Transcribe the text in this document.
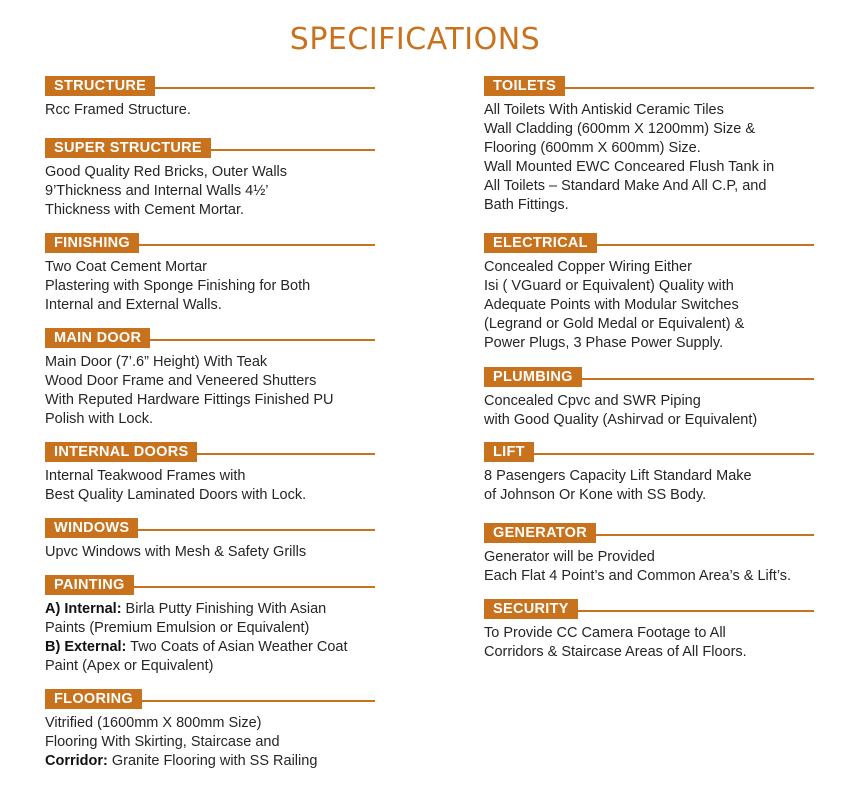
SPECIFICATIONS
STRUCTURE
Rcc Framed Structure.
SUPER STRUCTURE
Good Quality Red Bricks, Outer Walls
9’Thickness and Internal Walls 4½’
Thickness with Cement Mortar.
FINISHING
Two Coat Cement Mortar
Plastering with Sponge Finishing for Both
Internal and External Walls.
MAIN DOOR
Main Door (7’.6” Height) With Teak
Wood Door Frame and Veneered Shutters
With Reputed Hardware Fittings Finished PU
Polish with Lock.
INTERNAL DOORS
Internal Teakwood Frames with
Best Quality Laminated Doors with Lock.
WINDOWS
Upvc Windows with Mesh & Safety Grills
PAINTING
A) Internal: Birla Putty Finishing With Asian
Paints (Premium Emulsion or Equivalent)
B) External: Two Coats of Asian Weather Coat
Paint (Apex or Equivalent)
FLOORING
Vitrified (1600mm X 800mm Size)
Flooring With Skirting, Staircase and
Corridor: Granite Flooring with SS Railing
TOILETS
All Toilets With Antiskid Ceramic Tiles
Wall Cladding (600mm X 1200mm) Size &
Flooring (600mm X 600mm) Size.
Wall Mounted EWC Conceared Flush Tank in
All Toilets – Standard Make And All C.P, and
Bath Fittings.
ELECTRICAL
Concealed Copper Wiring Either
Isi ( VGuard or Equivalent) Quality with
Adequate Points with Modular Switches
(Legrand or Gold Medal or Equivalent) &
Power Plugs, 3 Phase Power Supply.
PLUMBING
Concealed Cpvc and SWR Piping
with Good Quality (Ashirvad or Equivalent)
LIFT
8 Pasengers Capacity Lift Standard Make
of Johnson Or Kone with SS Body.
GENERATOR
Generator will be Provided
Each Flat 4 Point’s and Common Area’s & Lift’s.
SECURITY
To Provide CC Camera Footage to All
Corridors & Staircase Areas of All Floors.
